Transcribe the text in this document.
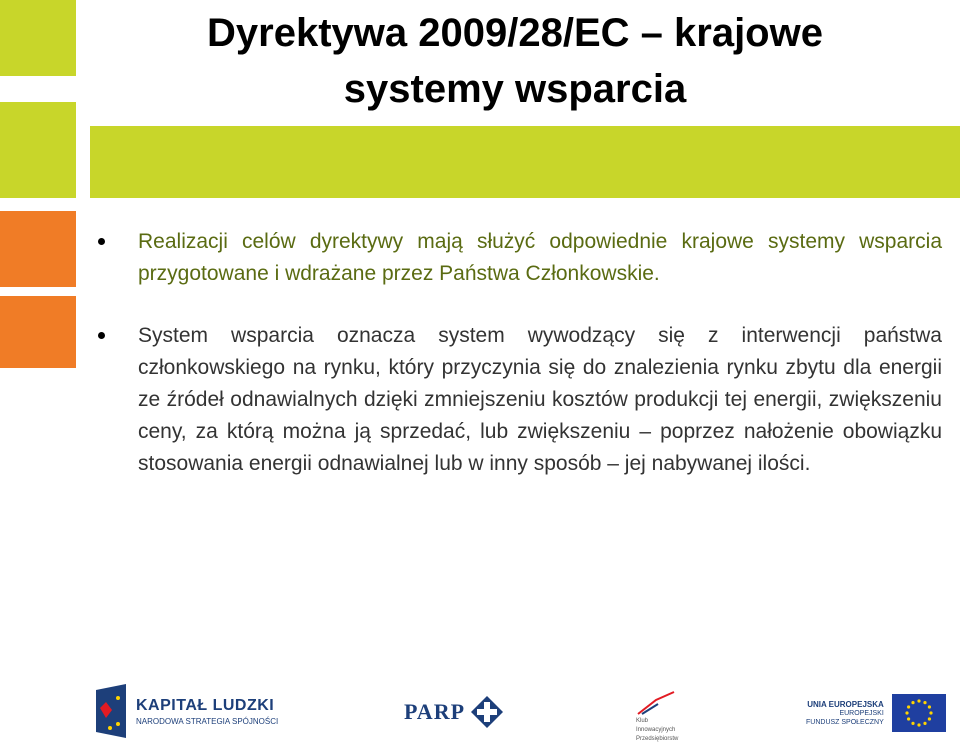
Dyrektywa 2009/28/EC – krajowe
systemy wsparcia
Realizacji celów dyrektywy mają służyć odpowiednie krajowe systemy wsparcia przygotowane i wdrażane przez Państwa Członkowskie.
System wsparcia oznacza system wywodzący się z interwencji państwa członkowskiego na rynku, który przyczynia się do znalezienia rynku zbytu dla energii ze źródeł odnawialnych dzięki zmniejszeniu kosztów produkcji tej energii, zwiększeniu ceny, za którą można ją sprzedać, lub zwiększeniu – poprzez nałożenie obowiązku stosowania energii odnawialnej lub w inny sposób – jej nabywanej ilości.
KAPITAŁ LUDZKI
NARODOWA STRATEGIA SPÓJNOŚCI	PARP	Klub
Innowacyjnych
Przedsiębiorstw
UNIA EUROPEJSKA
EUROPEJSKI
FUNDUSZ SPOŁECZNY
